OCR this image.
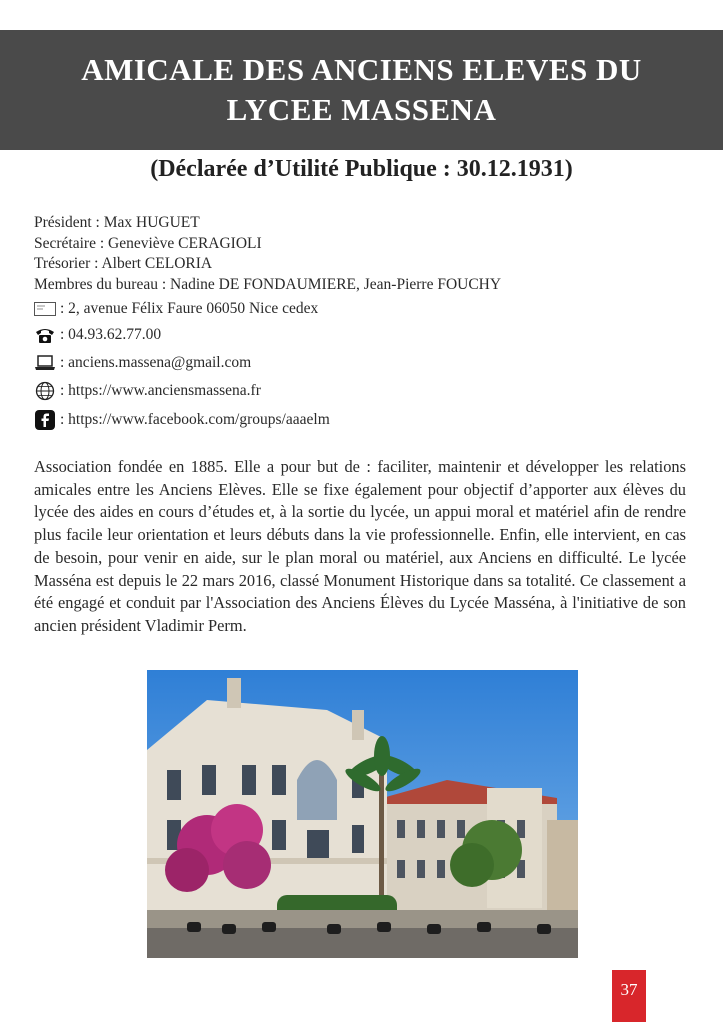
AMICALE DES ANCIENS ELEVES DU LYCEE MASSENA
(Déclarée d’Utilité Publique : 30.12.1931)
Président : Max HUGUET
Secrétaire : Geneviève CERAGIOLI
Trésorier : Albert CELORIA
Membres du bureau : Nadine DE FONDAUMIERE, Jean-Pierre FOUCHY
: 2, avenue Félix Faure 06050 Nice cedex
: 04.93.62.77.00
: anciens.massena@gmail.com
: https://www.anciensmassena.fr
: https://www.facebook.com/groups/aaaelm
Association fondée en 1885. Elle a pour but de : faciliter, maintenir et développer les relations amicales entre les Anciens Elèves. Elle se fixe également pour objectif d’apporter aux élèves du lycée des aides en cours d’études et, à la sortie du lycée, un appui moral et matériel afin de rendre plus facile leur orientation et leurs débuts dans la vie professionnelle. Enfin, elle intervient, en cas de besoin, pour venir en aide, sur le plan moral ou matériel, aux Anciens en difficulté. Le lycée Masséna est depuis le 22 mars 2016, classé Monument Historique dans sa totalité. Ce classement a été engagé et conduit par l'Association des Anciens Élèves du Lycée Masséna, à l'initiative de son ancien président Vladimir Perm.
37
